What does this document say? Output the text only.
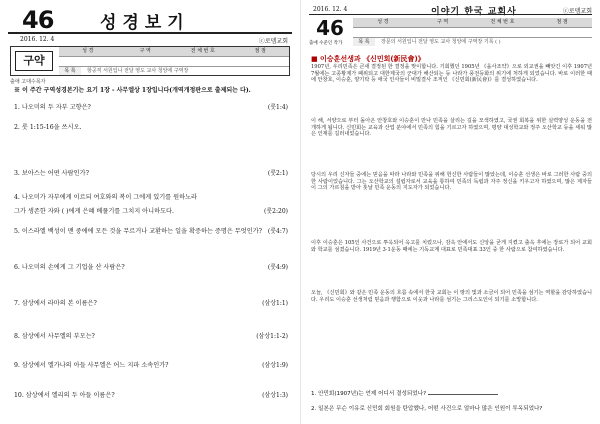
46	성경보기
2016. 12. 4	ⓒ로뎀교회
구약
성 경	구 역	전 체 번 호	점 점
목 록	항공직 서원입니 전달 영도 교사 청앙에 구역장
출애 고대수목자
※ 이 주간 구역성경본기는 요기 1장 - 사무엘상 1장입니다(개역개정판으로 출제되는 다).
1. 나오미의 두 자부 고향은?	(룻1:4)
2. 룻 1:15-16을 쓰시오.
3. 보아스는 어떤 사람인가?	(룻2:1)
4. 나오미가 자부에게 이르되 여호와의 복이 그에게 있기를 원하노라
그가 생존한 자와 ( )에게 은혜 베풀기를 그치지 아니하도다.	(룻2:20)
5. 이스라엘 백성이 맨 중에에 모든 것을 무르거나 교환하는 일을 확증하는 증명은 무엇인가? (룻4:7)
6. 나오미의 손에게 그 기업을 산 사람은?	(룻4:9)
7. 삼상에서 라마의 본 이름은?	(삼상1:1)
8. 삼상에서 사무엘의 부모는?	(삼상1:1-2)
9. 삼상에서 엘가나의 아들 사무엘은 어느 지파 소속인가?	(삼상1:9)
10. 삼상에서 엘리의 두 아들 이름은?	(삼상1:3)
2016. 12. 4	이야기 한국 교회사	ⓒ로뎀교회
46
출애 수준인 작가
성 경	구 역	전 체 번 호	점 점
목 록	장문의 서원입니 전달 영도 교사 청앙에 구역장 기록 ( )
■ 이승훈선생과 《신민회(新民會)》
1907년, 우리민족은 큰새 결정된 한 결정을 맞이합니다. 기회했던 1905년 《을사조약》으로 외교권을 빼앗긴 이후 1907년 7월에는 고종황제가 폐위되고 대한제국의 군대가 해산되는 등 나라가 풍전등화의 위기에 처하게 되었습니다. 바로 이러한 때에 안창호, 이승훈, 양기탁 등 애국 인사들이 비밀결사 조직인 《신민회(新民會)》를 결성하였습니다.
이 해, 서양으로 부터 돌아온 안창호와 이승훈이 만나 민족을 살리는 길을 모색하였고, 국권 회복을 위한 실력양성 운동을 전개하게 됩니다. 신민회는 교육과 산업 분야에서 민족의 힘을 기르고자 하였으며, 평양 대성학교와 정주 오산학교 등을 세워 많은 인재를 길러내었습니다.
당시의 우리 신자들 중에는 믿음을 따라 나라와 민족을 위해 헌신한 사람들이 많았는데, 이승훈 선생은 바로 그러한 사람 중의 한 사람이었습니다. 그는 오산학교의 설립자로서 교육을 통하여 민족의 독립과 자주 정신을 키우고자 하였으며, 많은 제자들이 그의 가르침을 받아 훗날 민족 운동의 지도자가 되었습니다.
이후 이승훈은 105인 사건으로 투옥되어 옥고를 치렀으나, 감옥 안에서도 신앙을 굳게 지켰고 출옥 후에는 장로가 되어 교회와 학교를 섬겼습니다. 1919년 3·1운동 때에는 기독교계 대표로 민족대표 33인 중 한 사람으로 참여하였습니다.
오늘, 《신민회》와 같은 민족 운동의 흐름 속에서 한국 교회는 이 땅의 빛과 소금이 되어 민족을 섬기는 역할을 감당하였습니다. 우리도 이승훈 선생처럼 믿음과 행함으로 이웃과 나라를 섬기는 그리스도인이 되기를 소망합니다.
1. 안민회(1907년)는 언제 어디서 결성되었나?
2. 일본은 무슨 이유로 신민회 회원을 탄압했나, 어떤 사건으로 얼마나 많은 인원이 투옥되었나?
